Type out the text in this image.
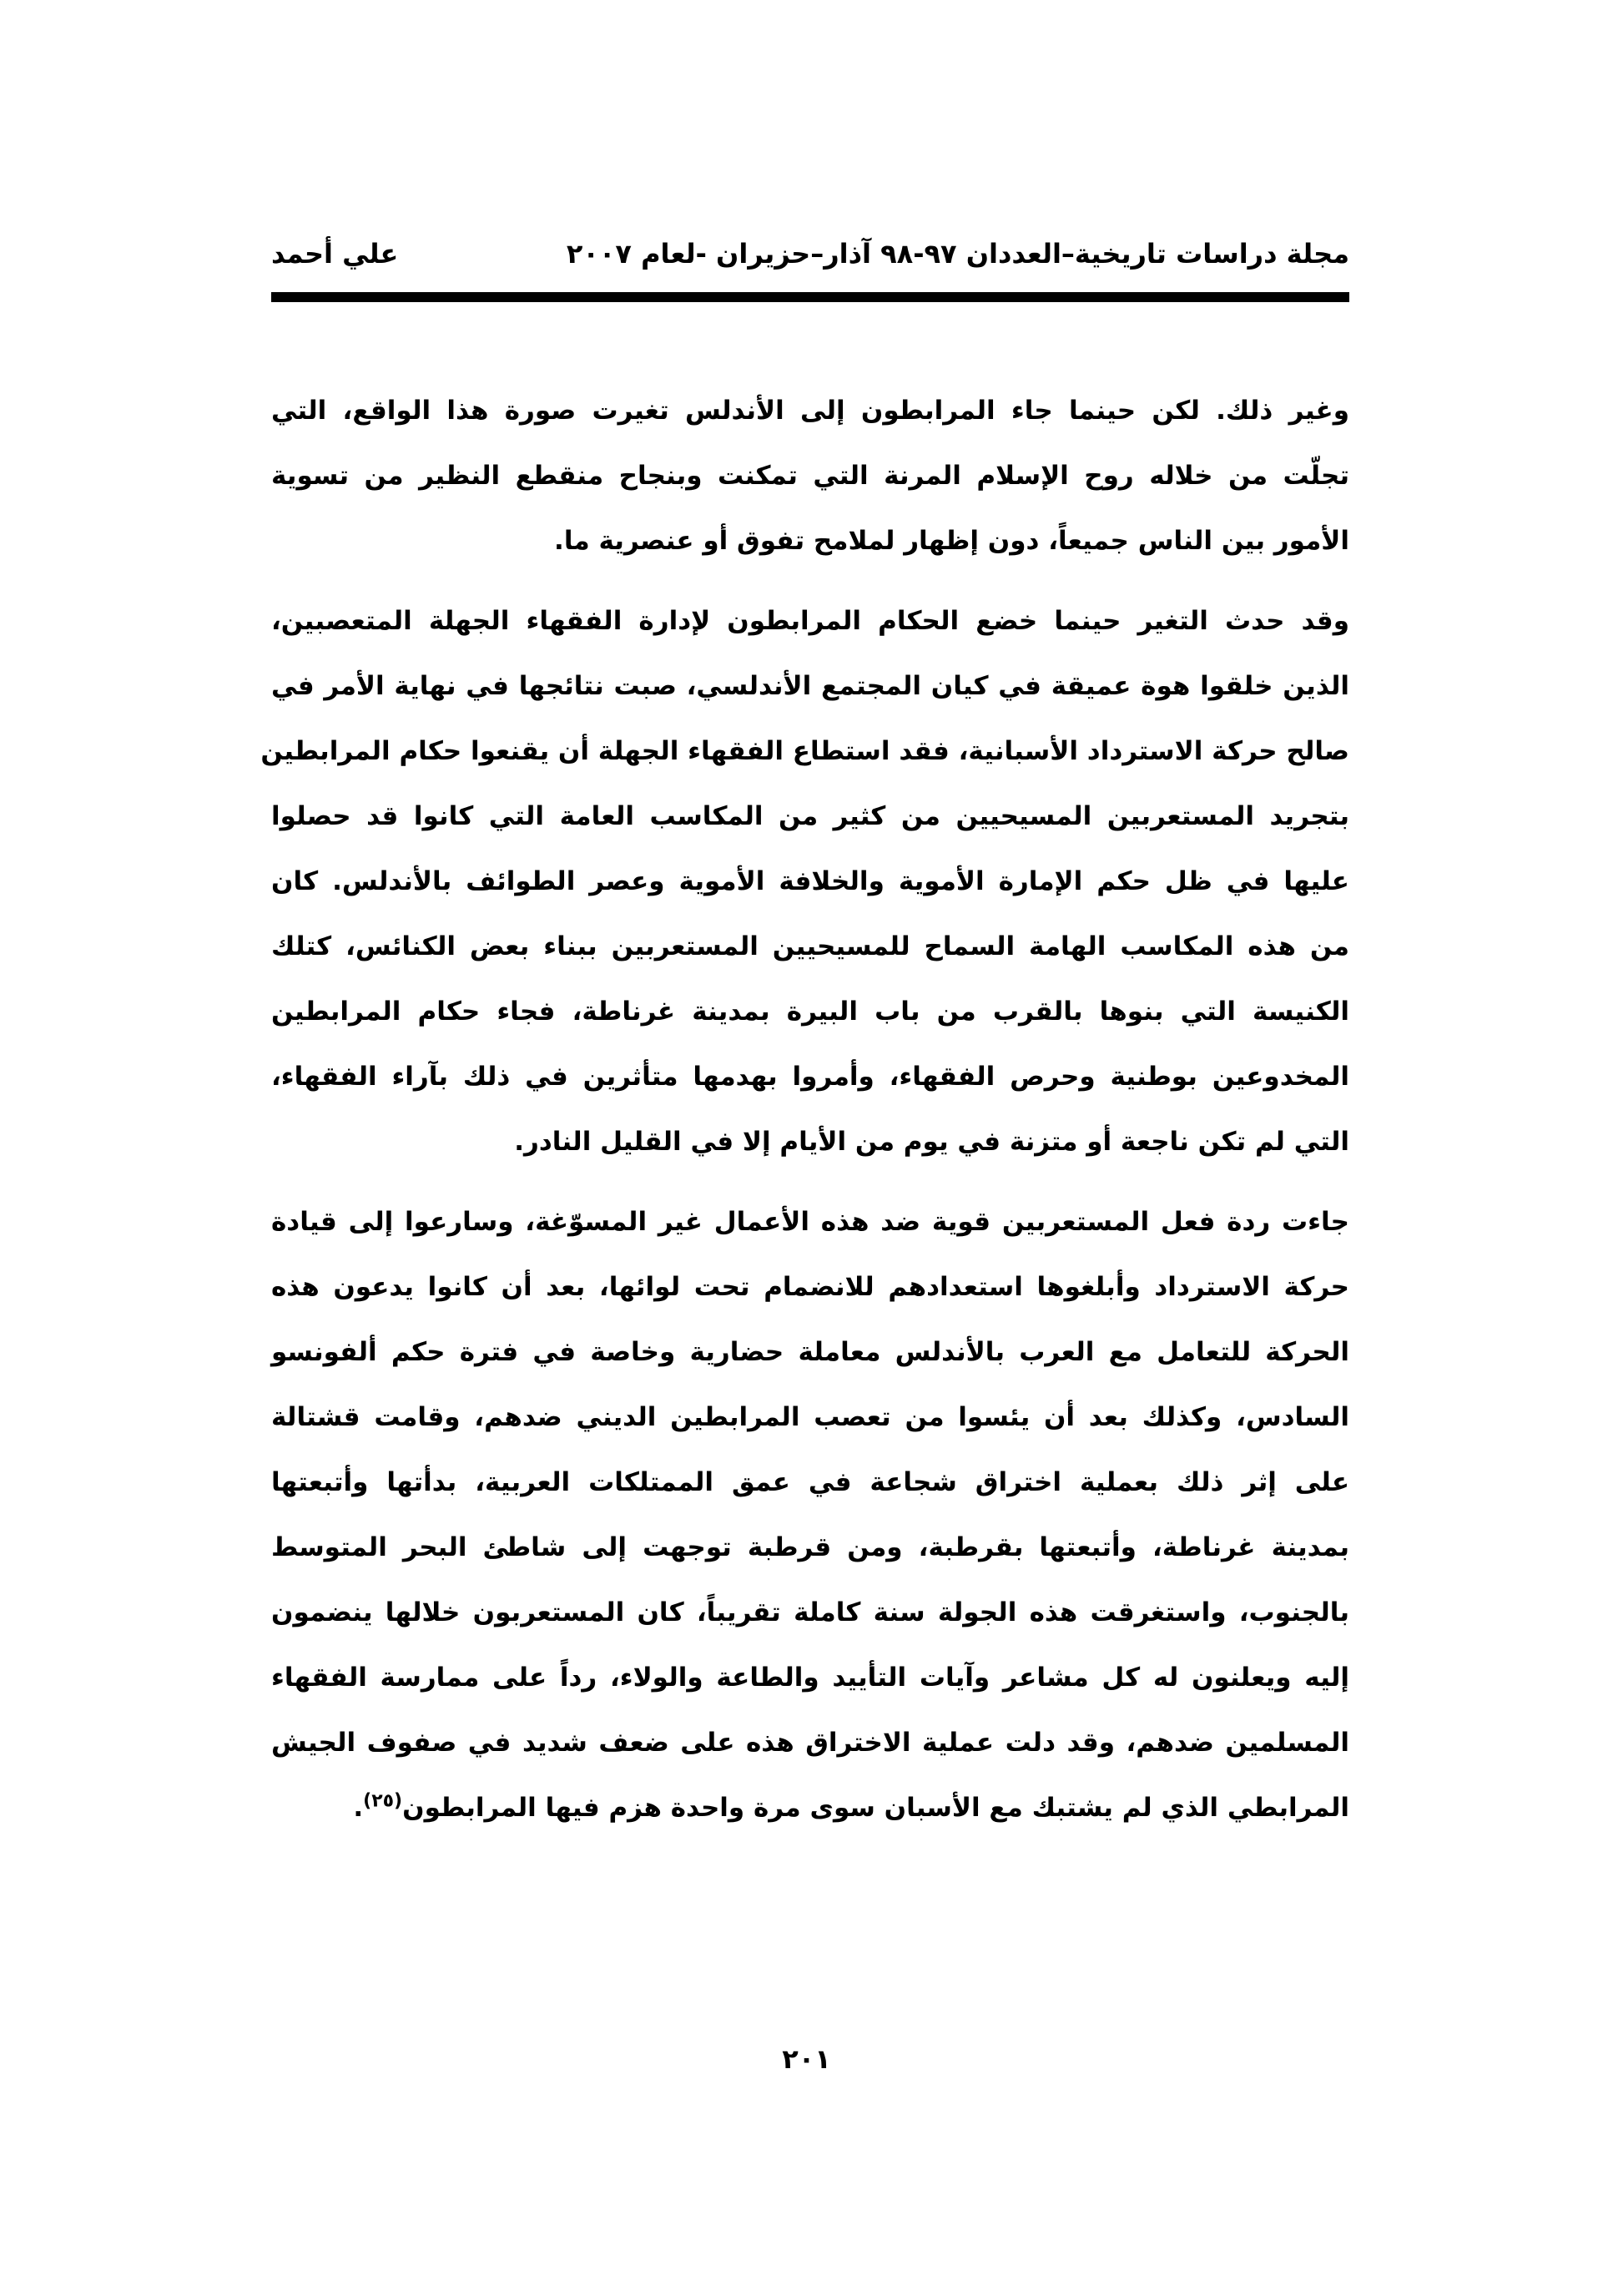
مجلة دراسات تاريخية–العددان ٩٧-٩٨ آذار–حزيران -لعام ٢٠٠٧
علي أحمد
وغير ذلك. لكن حينما جاء المرابطون إلى الأندلس تغيرت صورة هذا الواقع، التي
تجلّت من خلاله روح الإسلام المرنة التي تمكنت وبنجاح منقطع النظير من تسوية
الأمور بين الناس جميعاً، دون إظهار لملامح تفوق أو عنصرية ما.
وقد حدث التغير حينما خضع الحكام المرابطون لإدارة الفقهاء الجهلة المتعصبين،
الذين خلقوا هوة عميقة في كيان المجتمع الأندلسي، صبت نتائجها في نهاية الأمر في
صالح حركة الاسترداد الأسبانية، فقد استطاع الفقهاء الجهلة أن يقنعوا حكام المرابطين
بتجريد المستعربين المسيحيين من كثير من المكاسب العامة التي كانوا قد حصلوا
عليها في ظل حكم الإمارة الأموية والخلافة الأموية وعصر الطوائف بالأندلس. كان
من هذه المكاسب الهامة السماح للمسيحيين المستعربين ببناء بعض الكنائس، كتلك
الكنيسة التي بنوها بالقرب من باب البيرة بمدينة غرناطة، فجاء حكام المرابطين
المخدوعين بوطنية وحرص الفقهاء، وأمروا بهدمها متأثرين في ذلك بآراء الفقهاء،
التي لم تكن ناجعة أو متزنة في يوم من الأيام إلا في القليل النادر.
جاءت ردة فعل المستعربين قوية ضد هذه الأعمال غير المسوّغة، وسارعوا إلى قيادة
حركة الاسترداد وأبلغوها استعدادهم للانضمام تحت لوائها، بعد أن كانوا يدعون هذه
الحركة للتعامل مع العرب بالأندلس معاملة حضارية وخاصة في فترة حكم ألفونسو
السادس، وكذلك بعد أن يئسوا من تعصب المرابطين الديني ضدهم، وقامت قشتالة
على إثر ذلك بعملية اختراق شجاعة في عمق الممتلكات العربية، بدأتها وأتبعتها
بمدينة غرناطة، وأتبعتها بقرطبة، ومن قرطبة توجهت إلى شاطئ البحر المتوسط
بالجنوب، واستغرقت هذه الجولة سنة كاملة تقريباً، كان المستعربون خلالها ينضمون
إليه ويعلنون له كل مشاعر وآيات التأييد والطاعة والولاء، رداً على ممارسة الفقهاء
المسلمين ضدهم، وقد دلت عملية الاختراق هذه على ضعف شديد في صفوف الجيش
المرابطي الذي لم يشتبك مع الأسبان سوى مرة واحدة هزم فيها المرابطون$^{(٢٥)}$.
٢٠١
